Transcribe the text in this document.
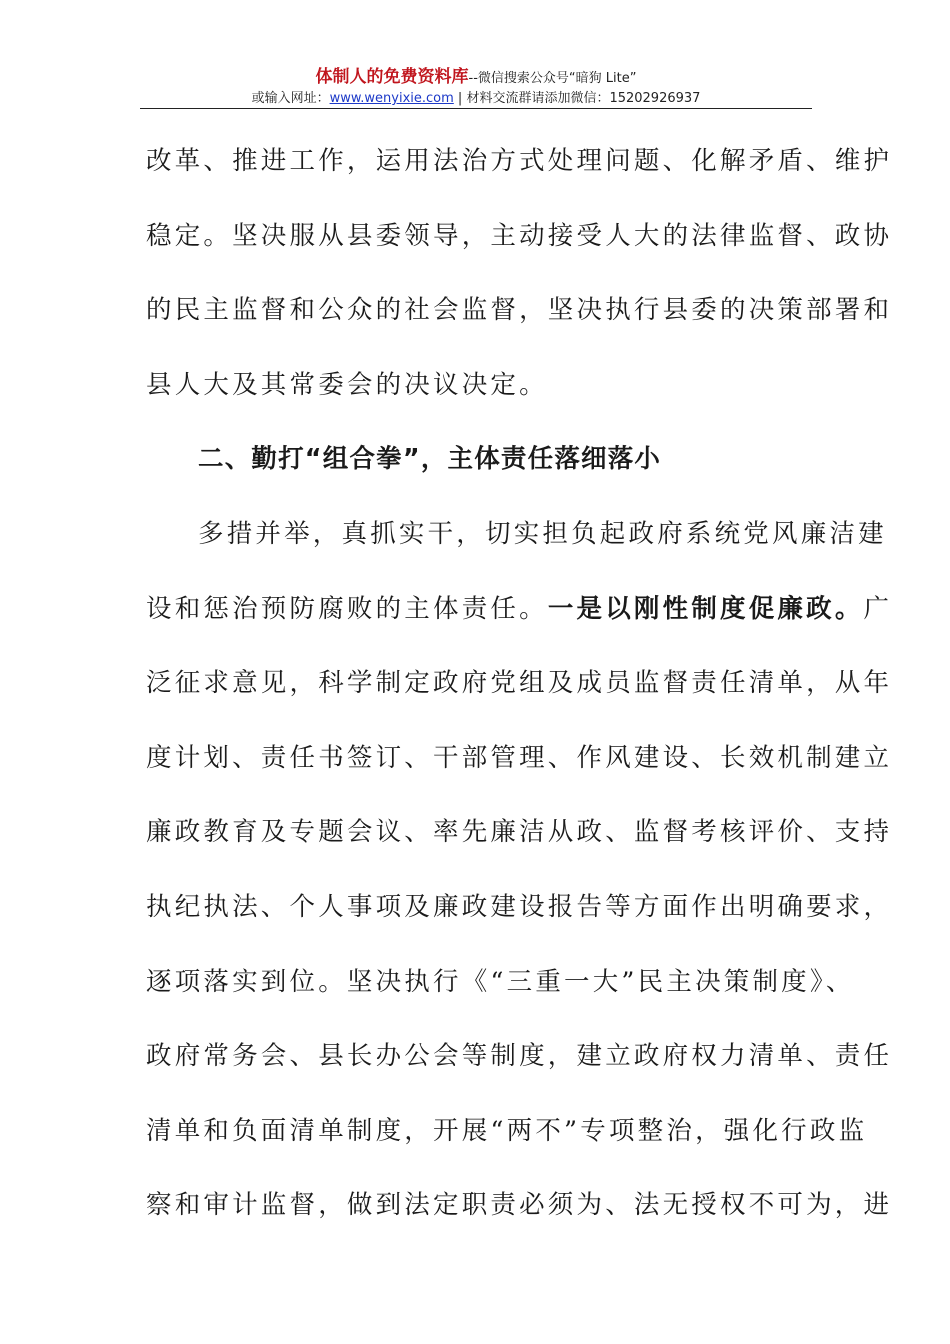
体制人的免费资料库--微信搜索公众号“暗狗 Lite”
或输入网址：www.wenyixie.com | 材料交流群请添加微信：15202926937

改革、推进工作，运用法治方式处理问题、化解矛盾、维护
稳定。坚决服从县委领导，主动接受人大的法律监督、政协
的民主监督和公众的社会监督，坚决执行县委的决策部署和
县人大及其常委会的决议决定。

二、勤打“组合拳”，主体责任落细落小

多措并举，真抓实干，切实担负起政府系统党风廉洁建
设和惩治预防腐败的主体责任。一是以刚性制度促廉政。广
泛征求意见，科学制定政府党组及成员监督责任清单，从年
度计划、责任书签订、干部管理、作风建设、长效机制建立
廉政教育及专题会议、率先廉洁从政、监督考核评价、支持
执纪执法、个人事项及廉政建设报告等方面作出明确要求，
逐项落实到位。坚决执行《“三重一大”民主决策制度》、
政府常务会、县长办公会等制度，建立政府权力清单、责任
清单和负面清单制度，开展“两不”专项整治，强化行政监
察和审计监督，做到法定职责必须为、法无授权不可为，进
